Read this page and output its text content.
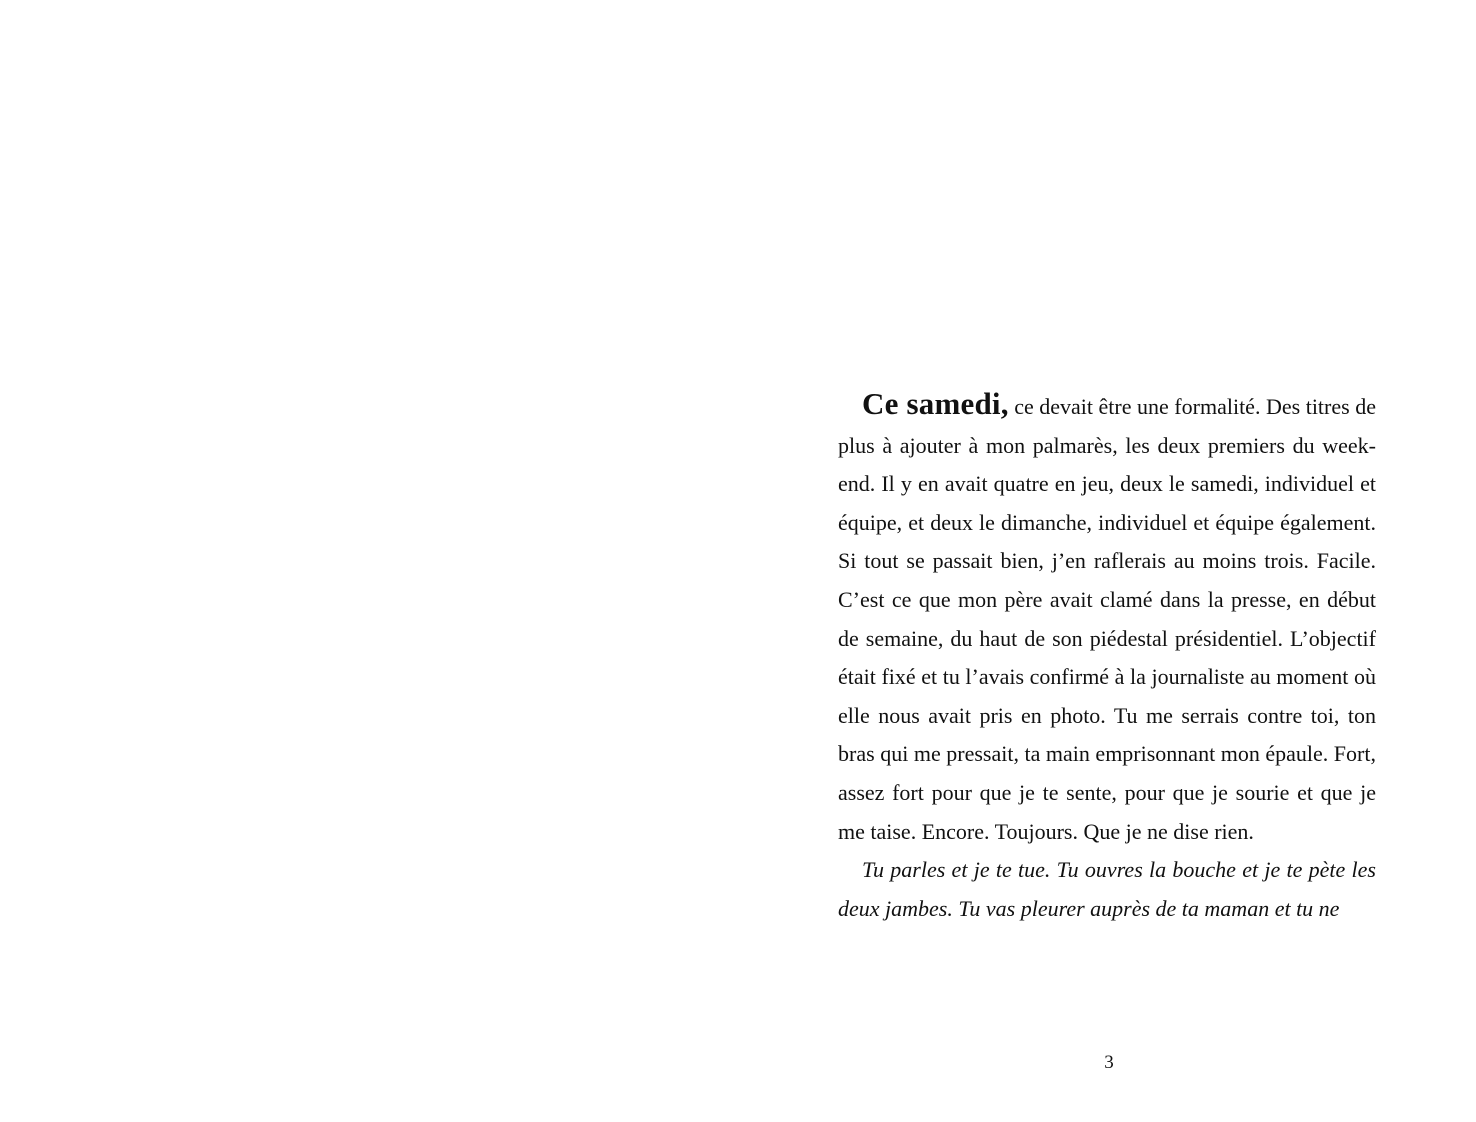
Ce samedi, ce devait être une formalité. Des titres de plus à ajouter à mon palmarès, les deux premiers du week-end. Il y en avait quatre en jeu, deux le samedi, individuel et équipe, et deux le dimanche, individuel et équipe également. Si tout se passait bien, j’en raflerais au moins trois. Facile. C’est ce que mon père avait clamé dans la presse, en début de semaine, du haut de son piédestal présidentiel. L’objectif était fixé et tu l’avais confirmé à la journaliste au moment où elle nous avait pris en photo. Tu me serrais contre toi, ton bras qui me pressait, ta main emprisonnant mon épaule. Fort, assez fort pour que je te sente, pour que je sourie et que je me taise. Encore. Toujours. Que je ne dise rien.

Tu parles et je te tue. Tu ouvres la bouche et je te pète les deux jambes. Tu vas pleurer auprès de ta maman et tu ne

3
